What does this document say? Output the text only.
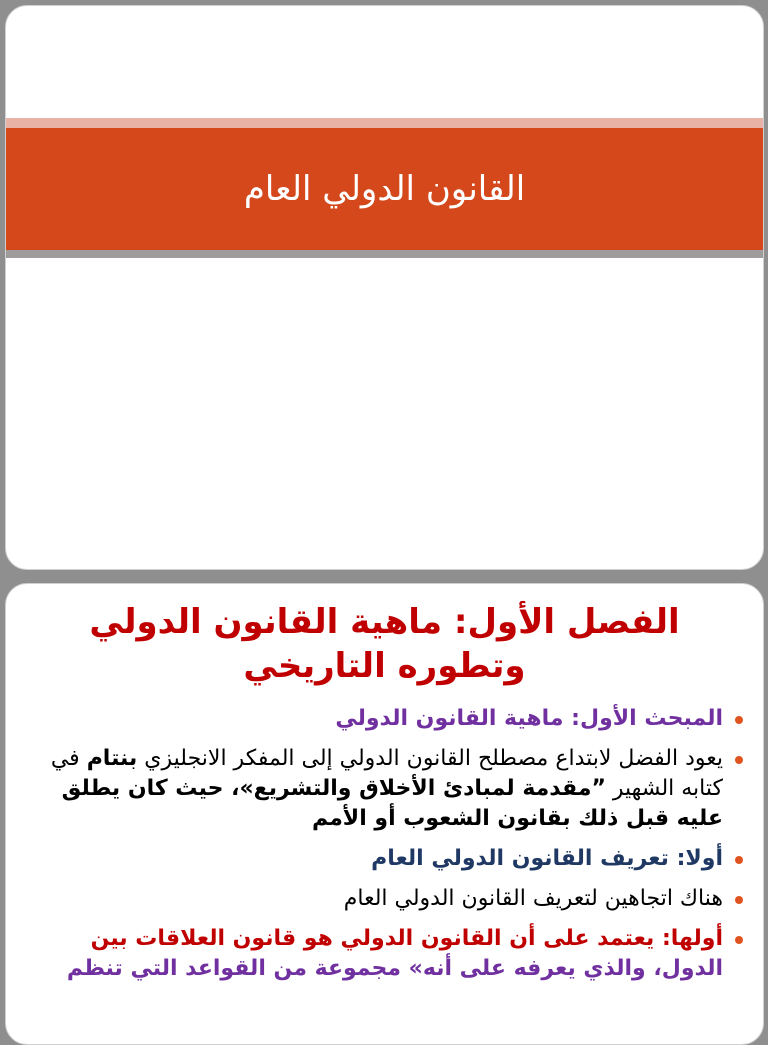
القانون الدولي العام
الفصل الأول: ماهية القانون الدولي
وتطوره التاريخي
المبحث الأول: ماهية القانون الدولي
يعود الفضل لابتداع مصطلح القانون الدولي إلى المفكر الانجليزي بنتام في كتابه الشهير ”مقدمة لمبادئ الأخلاق والتشريع»، حيث كان يطلق عليه قبل ذلك بقانون الشعوب أو الأمم
أولا: تعريف القانون الدولي العام
هناك اتجاهين لتعريف القانون الدولي العام
أولها: يعتمد على أن القانون الدولي هو قانون العلاقات بين الدول، والذي يعرفه على أنه» مجموعة من القواعد التي تنظم
